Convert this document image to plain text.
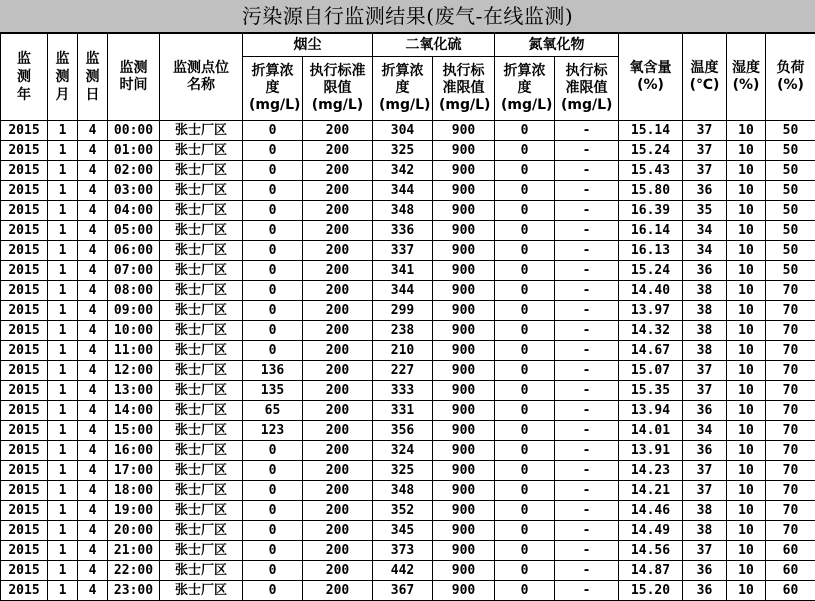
污染源自行监测结果(废气-在线监测)
监测年	监测月	监测日	监测时间	监测点位名称	烟尘		二氧化硫		氮氧化物		氧含量(%)	温度(℃)	湿度(%)	负荷(%)
					折算浓度(mg/L)	执行标准限值(mg/L)	折算浓度(mg/L)	执行标准限值(mg/L)	折算浓度(mg/L)	执行标准限值(mg/L)				
2015	1	4	00:00	张士厂区	0	200	304	900	0	-	15.14	37	10	50
2015	1	4	01:00	张士厂区	0	200	325	900	0	-	15.24	37	10	50
2015	1	4	02:00	张士厂区	0	200	342	900	0	-	15.43	37	10	50
2015	1	4	03:00	张士厂区	0	200	344	900	0	-	15.80	36	10	50
2015	1	4	04:00	张士厂区	0	200	348	900	0	-	16.39	35	10	50
2015	1	4	05:00	张士厂区	0	200	336	900	0	-	16.14	34	10	50
2015	1	4	06:00	张士厂区	0	200	337	900	0	-	16.13	34	10	50
2015	1	4	07:00	张士厂区	0	200	341	900	0	-	15.24	36	10	50
2015	1	4	08:00	张士厂区	0	200	344	900	0	-	14.40	38	10	70
2015	1	4	09:00	张士厂区	0	200	299	900	0	-	13.97	38	10	70
2015	1	4	10:00	张士厂区	0	200	238	900	0	-	14.32	38	10	70
2015	1	4	11:00	张士厂区	0	200	210	900	0	-	14.67	38	10	70
2015	1	4	12:00	张士厂区	136	200	227	900	0	-	15.07	37	10	70
2015	1	4	13:00	张士厂区	135	200	333	900	0	-	15.35	37	10	70
2015	1	4	14:00	张士厂区	65	200	331	900	0	-	13.94	36	10	70
2015	1	4	15:00	张士厂区	123	200	356	900	0	-	14.01	34	10	70
2015	1	4	16:00	张士厂区	0	200	324	900	0	-	13.91	36	10	70
2015	1	4	17:00	张士厂区	0	200	325	900	0	-	14.23	37	10	70
2015	1	4	18:00	张士厂区	0	200	348	900	0	-	14.21	37	10	70
2015	1	4	19:00	张士厂区	0	200	352	900	0	-	14.46	38	10	70
2015	1	4	20:00	张士厂区	0	200	345	900	0	-	14.49	38	10	70
2015	1	4	21:00	张士厂区	0	200	373	900	0	-	14.56	37	10	60
2015	1	4	22:00	张士厂区	0	200	442	900	0	-	14.87	36	10	60
2015	1	4	23:00	张士厂区	0	200	367	900	0	-	15.20	36	10	60
